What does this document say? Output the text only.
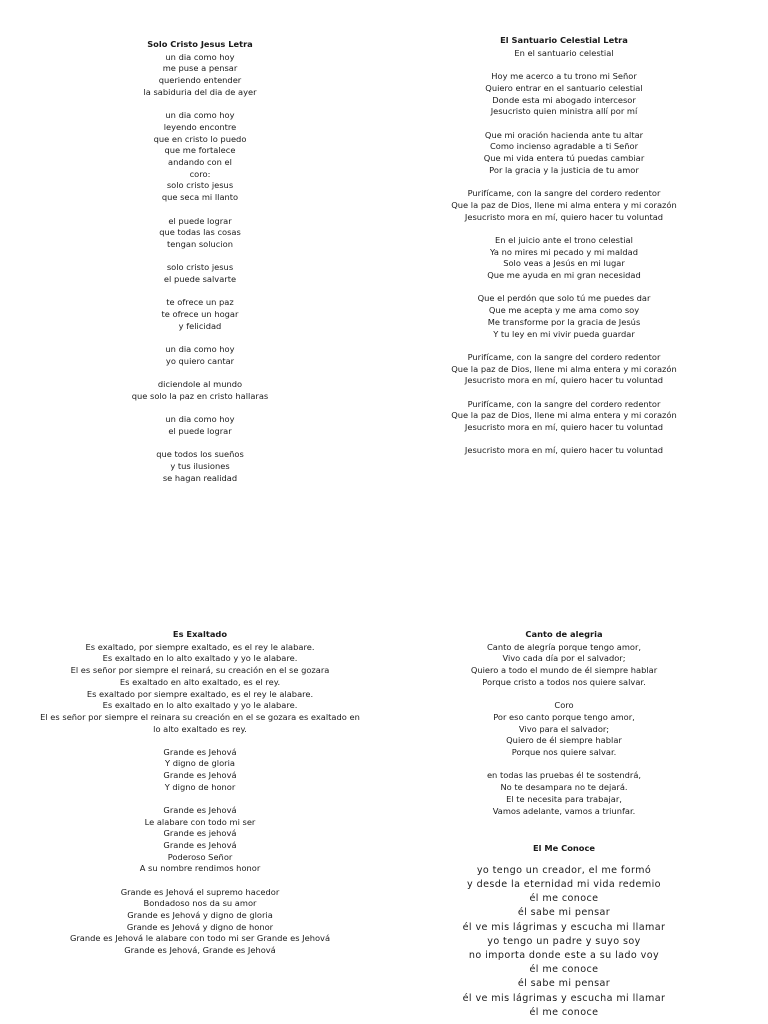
Solo Cristo Jesus Letra
un dia como hoy
me puse a pensar
queriendo entender
la sabiduria del dia de ayer
un dia como hoy
leyendo encontre
que en cristo lo puedo
que me fortalece
andando con el
coro:
solo cristo jesus
que seca mi llanto
el puede lograr
que todas las cosas
tengan solucion
solo cristo jesus
el puede salvarte
te ofrece un paz
te ofrece un hogar
y felicidad
un dia como hoy
yo quiero cantar
diciendole al mundo
que solo la paz en cristo hallaras
un dia como hoy
el puede lograr
que todos los sueños
y tus ilusiones
se hagan realidad
El Santuario Celestial Letra
En el santuario celestial
Hoy me acerco a tu trono mi Señor
Quiero entrar en el santuario celestial
Donde esta mi abogado intercesor
Jesucristo quien ministra allí por mí
Que mi oración hacienda ante tu altar
Como incienso agradable a ti Señor
Que mi vida entera tú puedas cambiar
Por la gracia y la justicia de tu amor
Purifícame, con la sangre del cordero redentor
Que la paz de Dios, llene mi alma entera y mi corazón
Jesucristo mora en mí, quiero hacer tu voluntad
En el juicio ante el trono celestial
Ya no mires mi pecado y mi maldad
Solo veas a Jesús en mi lugar
Que me ayuda en mi gran necesidad
Que el perdón que solo tú me puedes dar
Que me acepta y me ama como soy
Me transforme por la gracia de Jesús
Y tu ley en mi vivir pueda guardar
Purifícame, con la sangre del cordero redentor
Que la paz de Dios, llene mi alma entera y mi corazón
Jesucristo mora en mí, quiero hacer tu voluntad
Purifícame, con la sangre del cordero redentor
Que la paz de Dios, llene mi alma entera y mi corazón
Jesucristo mora en mí, quiero hacer tu voluntad
Jesucristo mora en mí, quiero hacer tu voluntad
Es Exaltado
Es exaltado, por siempre exaltado, es el rey le alabare.
Es exaltado en lo alto exaltado y yo le alabare.
El es señor por siempre el reinará, su creación en el se gozara
Es exaltado en alto exaltado, es el rey.
Es exaltado por siempre exaltado, es el rey le alabare.
Es exaltado en lo alto exaltado y yo le alabare.
El es señor por siempre el reinara su creación en el se gozara es exaltado en
lo alto exaltado es rey.
Grande es Jehová
Y digno de gloria
Grande es Jehová
Y digno de honor
Grande es Jehová
Le alabare con todo mi ser
Grande es jehová
Grande es Jehová
Poderoso Señor
A su nombre rendimos honor
Grande es Jehová el supremo hacedor
Bondadoso nos da su amor
Grande es Jehová y digno de gloria
Grande es Jehová y digno de honor
Grande es Jehová le alabare con todo mi ser Grande es Jehová
Grande es Jehová, Grande es Jehová
Canto de alegria
Canto de alegría porque tengo amor,
Vivo cada día por el salvador;
Quiero a todo el mundo de él siempre hablar
Porque cristo a todos nos quiere salvar.
Coro
Por eso canto porque tengo amor,
Vivo para el salvador;
Quiero de él siempre hablar
Porque nos quiere salvar.
en todas las pruebas él te sostendrá,
No te desampara no te dejará.
El te necesita para trabajar,
Vamos adelante, vamos a triunfar.
El Me Conoce
yo tengo un creador, el me formó
y desde la eternidad mi vida redemio
él me conoce
él sabe mi pensar
él ve mis lágrimas y escucha mi llamar
yo tengo un padre y suyo soy
no importa donde este a su lado voy
él me conoce
él sabe mi pensar
él ve mis lágrimas y escucha mi llamar
él me conoce
